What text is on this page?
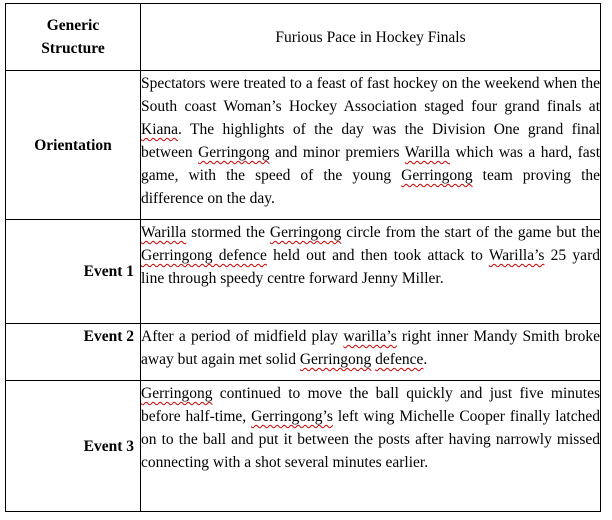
Generic Structure	Furious Pace in Hockey Finals
Orientation	Spectators were treated to a feast of fast hockey on the weekend when the South coast Woman’s Hockey Association staged four grand finals at Kiana. The highlights of the day was the Division One grand final between Gerringong and minor premiers Warilla which was a hard, fast game, with the speed of the young Gerringong team proving the difference on the day.
Event 1	Warilla stormed the Gerringong circle from the start of the game but the Gerringong defence held out and then took attack to Warilla’s 25 yard line through speedy centre forward Jenny Miller.
Event 2	After a period of midfield play warilla’s right inner Mandy Smith broke away but again met solid Gerringong defence.
Event 3	Gerringong continued to move the ball quickly and just five minutes before half-time, Gerringong’s left wing Michelle Cooper finally latched on to the ball and put it between the posts after having narrowly missed connecting with a shot several minutes earlier.
